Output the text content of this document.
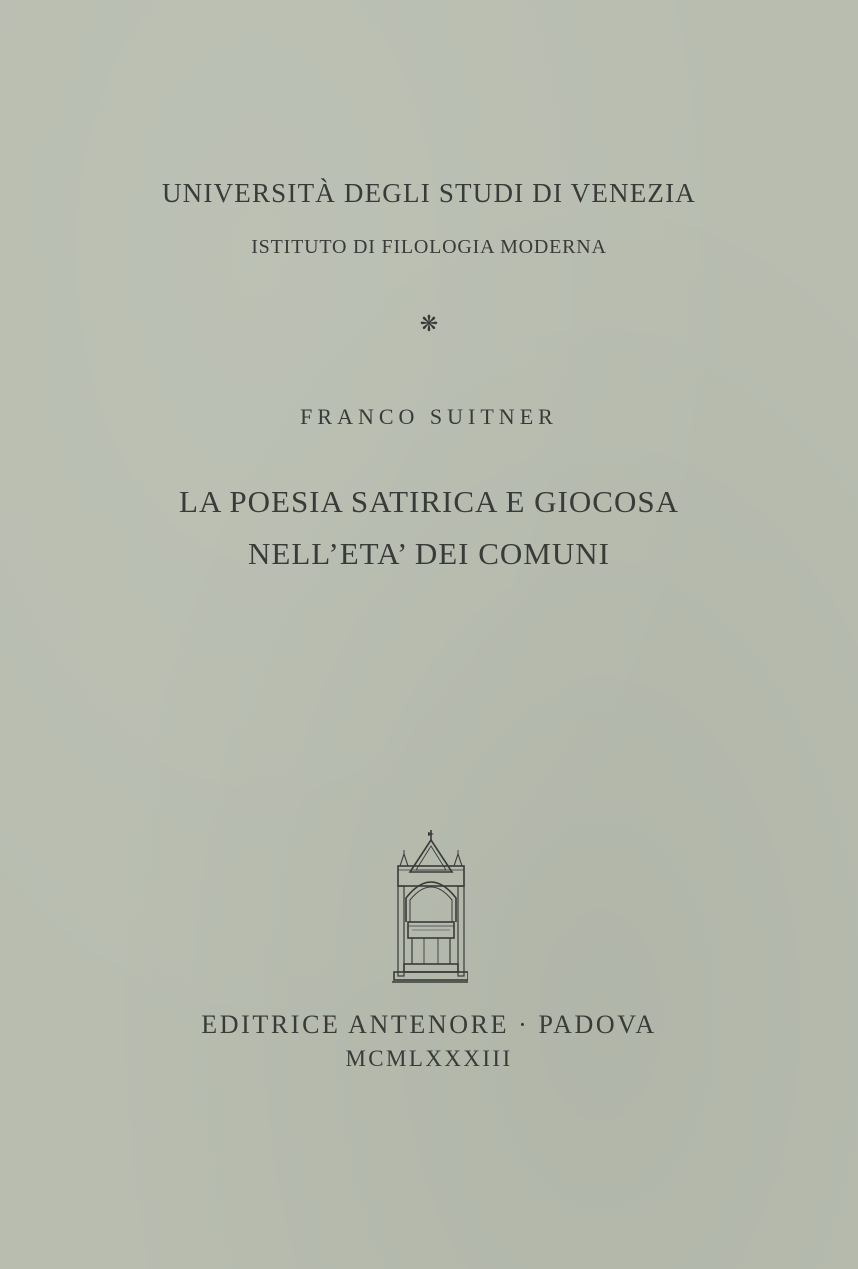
UNIVERSITÀ DEGLI STUDI DI VENEZIA
ISTITUTO DI FILOLOGIA MODERNA
❋
FRANCO SUITNER
LA POESIA SATIRICA E GIOCOSA
NELL’ETA’ DEI COMUNI
EDITRICE ANTENORE · PADOVA
MCMLXXXIII
